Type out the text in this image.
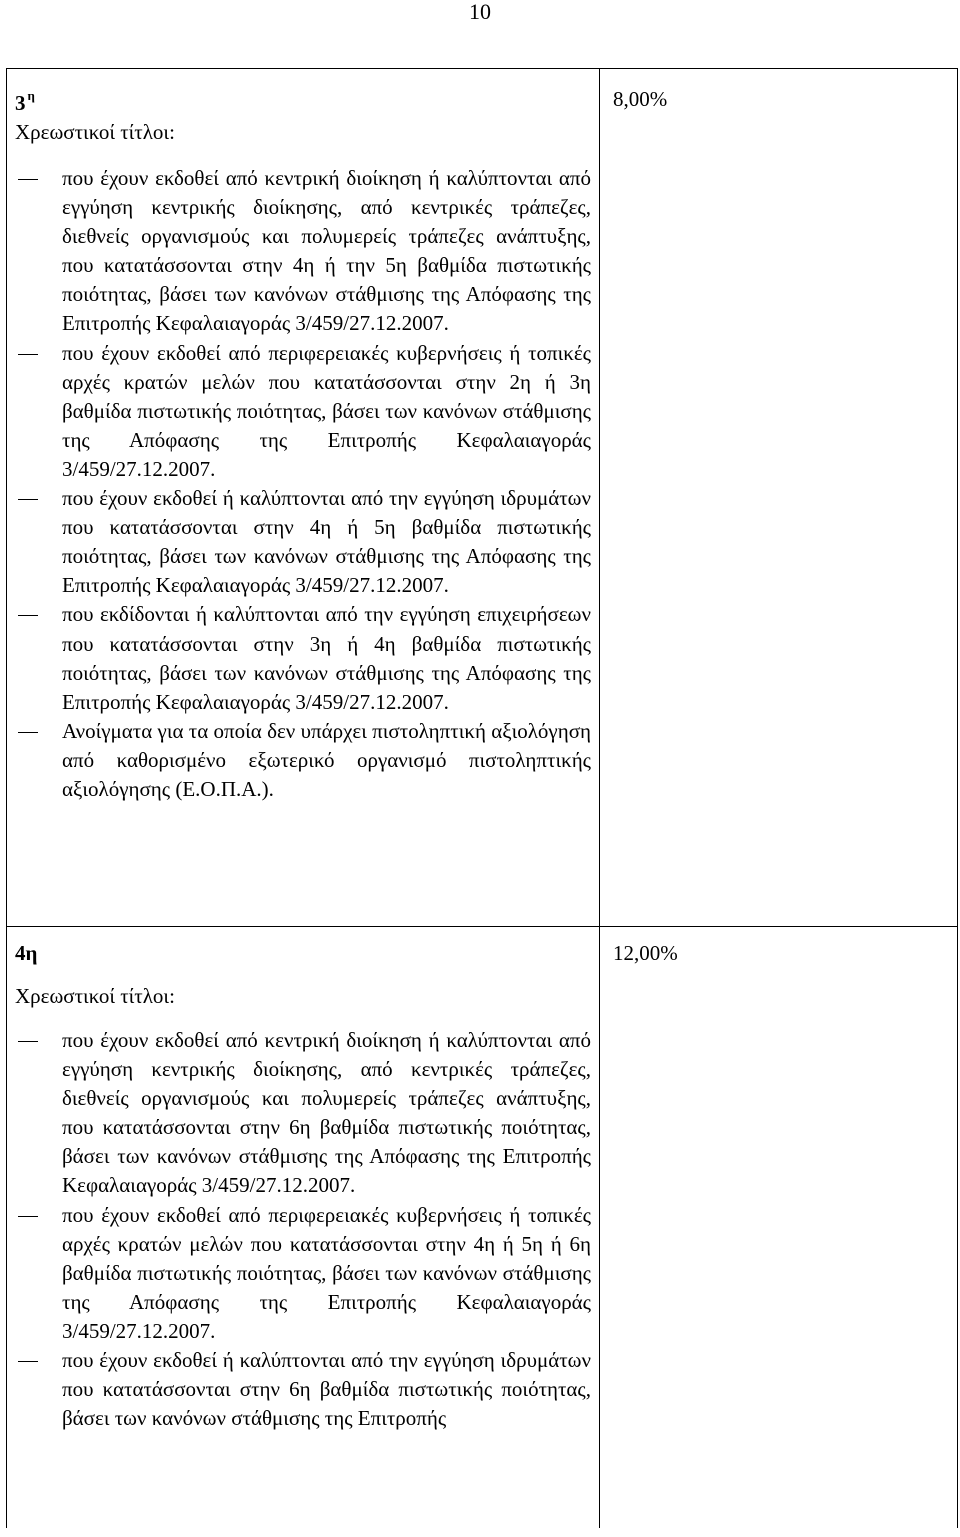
10

3 $^\eta$

Χρεωστικοί τίτλοι:

που έχουν εκδοθεί από κεντρική διοίκηση ή καλύπτονται από εγγύηση κεντρικής διοίκησης, από κεντρικές τράπεζες, διεθνείς οργανισμούς και πολυμερείς τράπεζες ανάπτυξης, που κατατάσσονται στην 4η ή την 5η βαθμίδα πιστωτικής ποιότητας, βάσει των κανόνων στάθμισης της Απόφασης της Επιτροπής Κεφαλαιαγοράς 3/459/27.12.2007.
που έχουν εκδοθεί από περιφερειακές κυβερνήσεις ή τοπικές αρχές κρατών μελών που κατατάσσονται στην 2η ή 3η βαθμίδα πιστωτικής ποιότητας, βάσει των κανόνων στάθμισης της Απόφασης της Επιτροπής Κεφαλαιαγοράς 3/459/27.12.2007.
που έχουν εκδοθεί ή καλύπτονται από την εγγύηση ιδρυμάτων που κατατάσσονται στην 4η ή 5η βαθμίδα πιστωτικής ποιότητας, βάσει των κανόνων στάθμισης της Απόφασης της Επιτροπής Κεφαλαιαγοράς 3/459/27.12.2007.
που εκδίδονται ή καλύπτονται από την εγγύηση επιχειρήσεων που κατατάσσονται στην 3η ή 4η βαθμίδα πιστωτικής ποιότητας, βάσει των κανόνων στάθμισης της Απόφασης της Επιτροπής Κεφαλαιαγοράς 3/459/27.12.2007.
Ανοίγματα για τα οποία δεν υπάρχει πιστοληπτική αξιολόγηση από καθορισμένο εξωτερικό οργανισμό πιστοληπτικής αξιολόγησης (Ε.Ο.Π.Α.).

8,00%

4η

Χρεωστικοί τίτλοι:

που έχουν εκδοθεί από κεντρική διοίκηση ή καλύπτονται από εγγύηση κεντρικής διοίκησης, από κεντρικές τράπεζες, διεθνείς οργανισμούς και πολυμερείς τράπεζες ανάπτυξης, που κατατάσσονται στην 6η βαθμίδα πιστωτικής ποιότητας, βάσει των κανόνων στάθμισης της Απόφασης της Επιτροπής Κεφαλαιαγοράς 3/459/27.12.2007.
που έχουν εκδοθεί από περιφερειακές κυβερνήσεις ή τοπικές αρχές κρατών μελών που κατατάσσονται στην 4η ή 5η ή 6η βαθμίδα πιστωτικής ποιότητας, βάσει των κανόνων στάθμισης της Απόφασης της Επιτροπής Κεφαλαιαγοράς 3/459/27.12.2007.
που έχουν εκδοθεί ή καλύπτονται από την εγγύηση ιδρυμάτων που κατατάσσονται στην 6η βαθμίδα πιστωτικής ποιότητας, βάσει των κανόνων στάθμισης της Επιτροπής

12,00%
